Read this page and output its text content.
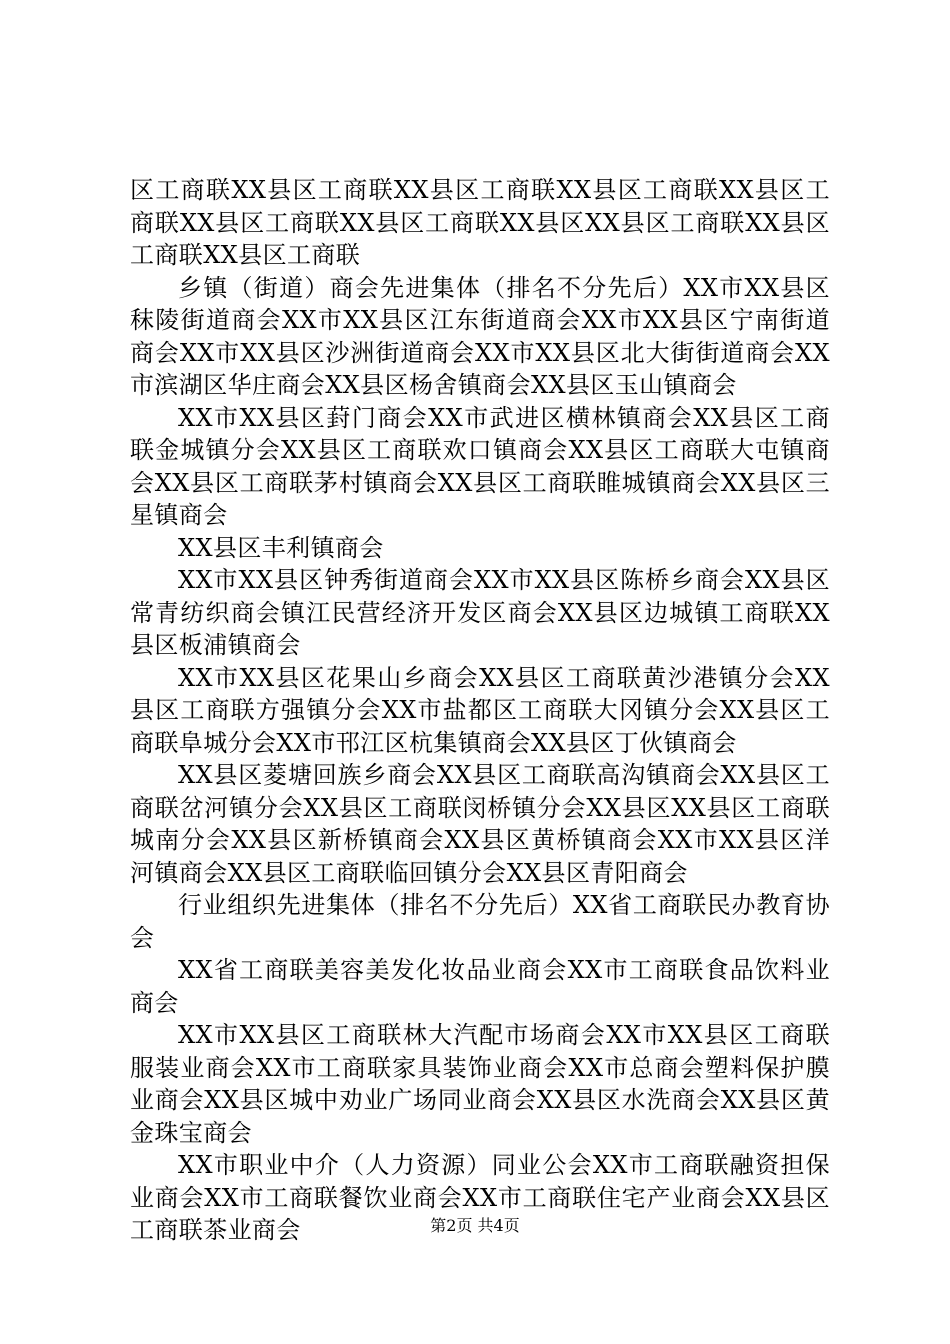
区工商联XX县区工商联XX县区工商联XX县区工商联XX县区工商联XX县区工商联XX县区工商联XX县区XX县区工商联XX县区工商联XX县区工商联

乡镇（街道）商会先进集体（排名不分先后）XX市XX县区秣陵街道商会XX市XX县区江东街道商会XX市XX县区宁南街道商会XX市XX县区沙洲街道商会XX市XX县区北大街街道商会XX市滨湖区华庄商会XX县区杨舍镇商会XX县区玉山镇商会

XX市XX县区葑门商会XX市武进区横林镇商会XX县区工商联金城镇分会XX县区工商联欢口镇商会XX县区工商联大屯镇商会XX县区工商联茅村镇商会XX县区工商联睢城镇商会XX县区三星镇商会

XX县区丰利镇商会

XX市XX县区钟秀街道商会XX市XX县区陈桥乡商会XX县区常青纺织商会镇江民营经济开发区商会XX县区边城镇工商联XX县区板浦镇商会

XX市XX县区花果山乡商会XX县区工商联黄沙港镇分会XX县区工商联方强镇分会XX市盐都区工商联大冈镇分会XX县区工商联阜城分会XX市邗江区杭集镇商会XX县区丁伙镇商会

XX县区菱塘回族乡商会XX县区工商联高沟镇商会XX县区工商联岔河镇分会XX县区工商联闵桥镇分会XX县区XX县区工商联城南分会XX县区新桥镇商会XX县区黄桥镇商会XX市XX县区洋河镇商会XX县区工商联临回镇分会XX县区青阳商会

行业组织先进集体（排名不分先后）XX省工商联民办教育协会

XX省工商联美容美发化妆品业商会XX市工商联食品饮料业商会

XX市XX县区工商联林大汽配市场商会XX市XX县区工商联服装业商会XX市工商联家具装饰业商会XX市总商会塑料保护膜业商会XX县区城中劝业广场同业商会XX县区水洗商会XX县区黄金珠宝商会

XX市职业中介（人力资源）同业公会XX市工商联融资担保业商会XX市工商联餐饮业商会XX市工商联住宅产业商会XX县区工商联茶业商会	第2页 共4页
